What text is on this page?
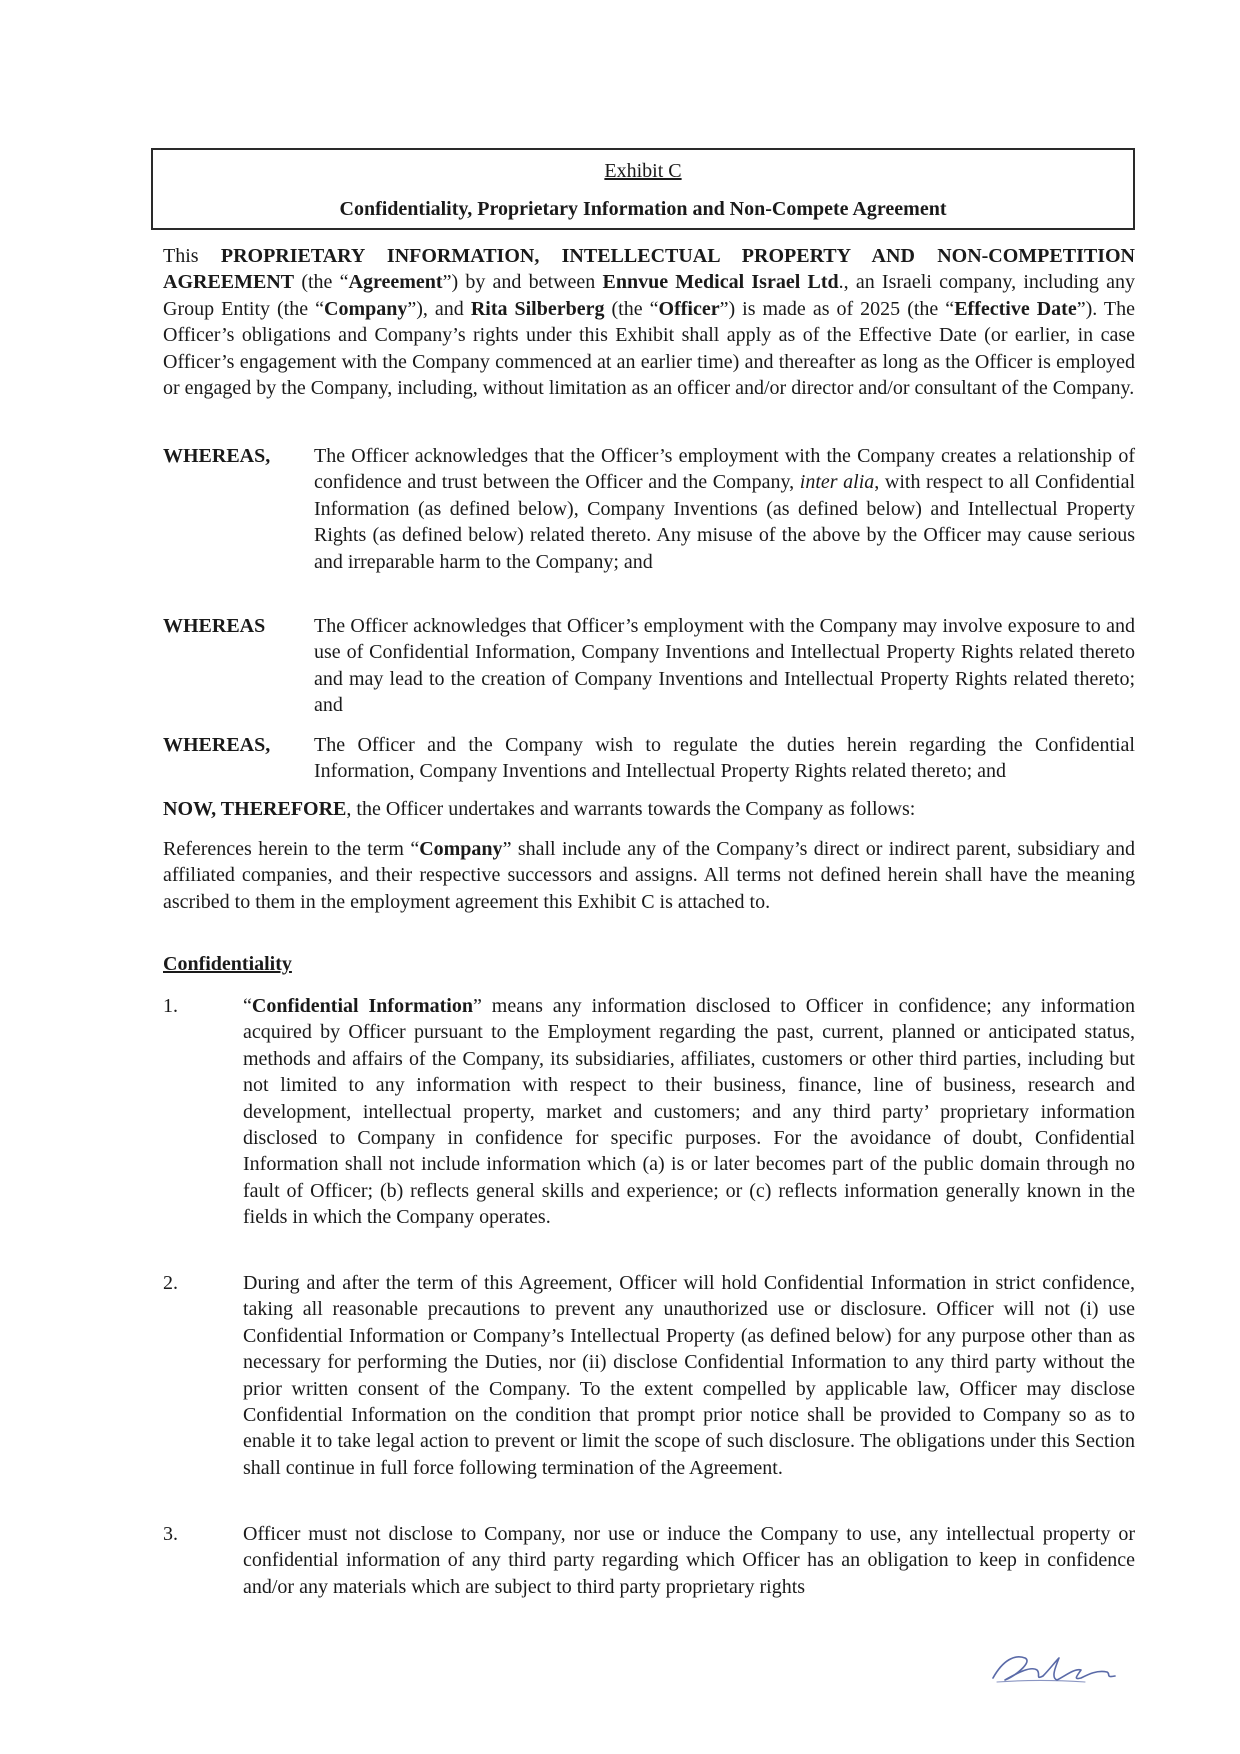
Exhibit C
Confidentiality, Proprietary Information and Non-Compete Agreement

This PROPRIETARY INFORMATION, INTELLECTUAL PROPERTY AND NON-COMPETITION AGREEMENT (the “Agreement”) by and between Ennvue Medical Israel Ltd., an Israeli company, including any Group Entity (the “Company”), and Rita Silberberg (the “Officer”) is made as of 2025 (the “Effective Date”). The Officer’s obligations and Company’s rights under this Exhibit shall apply as of the Effective Date (or earlier, in case Officer’s engagement with the Company commenced at an earlier time) and thereafter as long as the Officer is employed or engaged by the Company, including, without limitation as an officer and/or director and/or consultant of the Company.

WHEREAS, The Officer acknowledges that the Officer’s employment with the Company creates a relationship of confidence and trust between the Officer and the Company, inter alia, with respect to all Confidential Information (as defined below), Company Inventions (as defined below) and Intellectual Property Rights (as defined below) related thereto. Any misuse of the above by the Officer may cause serious and irreparable harm to the Company; and
WHEREAS The Officer acknowledges that Officer’s employment with the Company may involve exposure to and use of Confidential Information, Company Inventions and Intellectual Property Rights related thereto and may lead to the creation of Company Inventions and Intellectual Property Rights related thereto; and
WHEREAS, The Officer and the Company wish to regulate the duties herein regarding the Confidential Information, Company Inventions and Intellectual Property Rights related thereto; and

NOW, THEREFORE, the Officer undertakes and warrants towards the Company as follows:

References herein to the term “Company” shall include any of the Company’s direct or indirect parent, subsidiary and affiliated companies, and their respective successors and assigns. All terms not defined herein shall have the meaning ascribed to them in the employment agreement this Exhibit C is attached to.

Confidentiality
1.	“Confidential Information” means any information disclosed to Officer in confidence; any information acquired by Officer pursuant to the Employment regarding the past, current, planned or anticipated status, methods and affairs of the Company, its subsidiaries, affiliates, customers or other third parties, including but not limited to any information with respect to their business, finance, line of business, research and development, intellectual property, market and customers; and any third party’ proprietary information disclosed to Company in confidence for specific purposes. For the avoidance of doubt, Confidential Information shall not include information which (a) is or later becomes part of the public domain through no fault of Officer; (b) reflects general skills and experience; or (c) reflects information generally known in the fields in which the Company operates.
2.	During and after the term of this Agreement, Officer will hold Confidential Information in strict confidence, taking all reasonable precautions to prevent any unauthorized use or disclosure. Officer will not (i) use Confidential Information or Company’s Intellectual Property (as defined below) for any purpose other than as necessary for performing the Duties, nor (ii) disclose Confidential Information to any third party without the prior written consent of the Company. To the extent compelled by applicable law, Officer may disclose Confidential Information on the condition that prompt prior notice shall be provided to Company so as to enable it to take legal action to prevent or limit the scope of such disclosure. The obligations under this Section shall continue in full force following termination of the Agreement.
3.	Officer must not disclose to Company, nor use or induce the Company to use, any intellectual property or confidential information of any third party regarding which Officer has an obligation to keep in confidence and/or any materials which are subject to third party proprietary rights
